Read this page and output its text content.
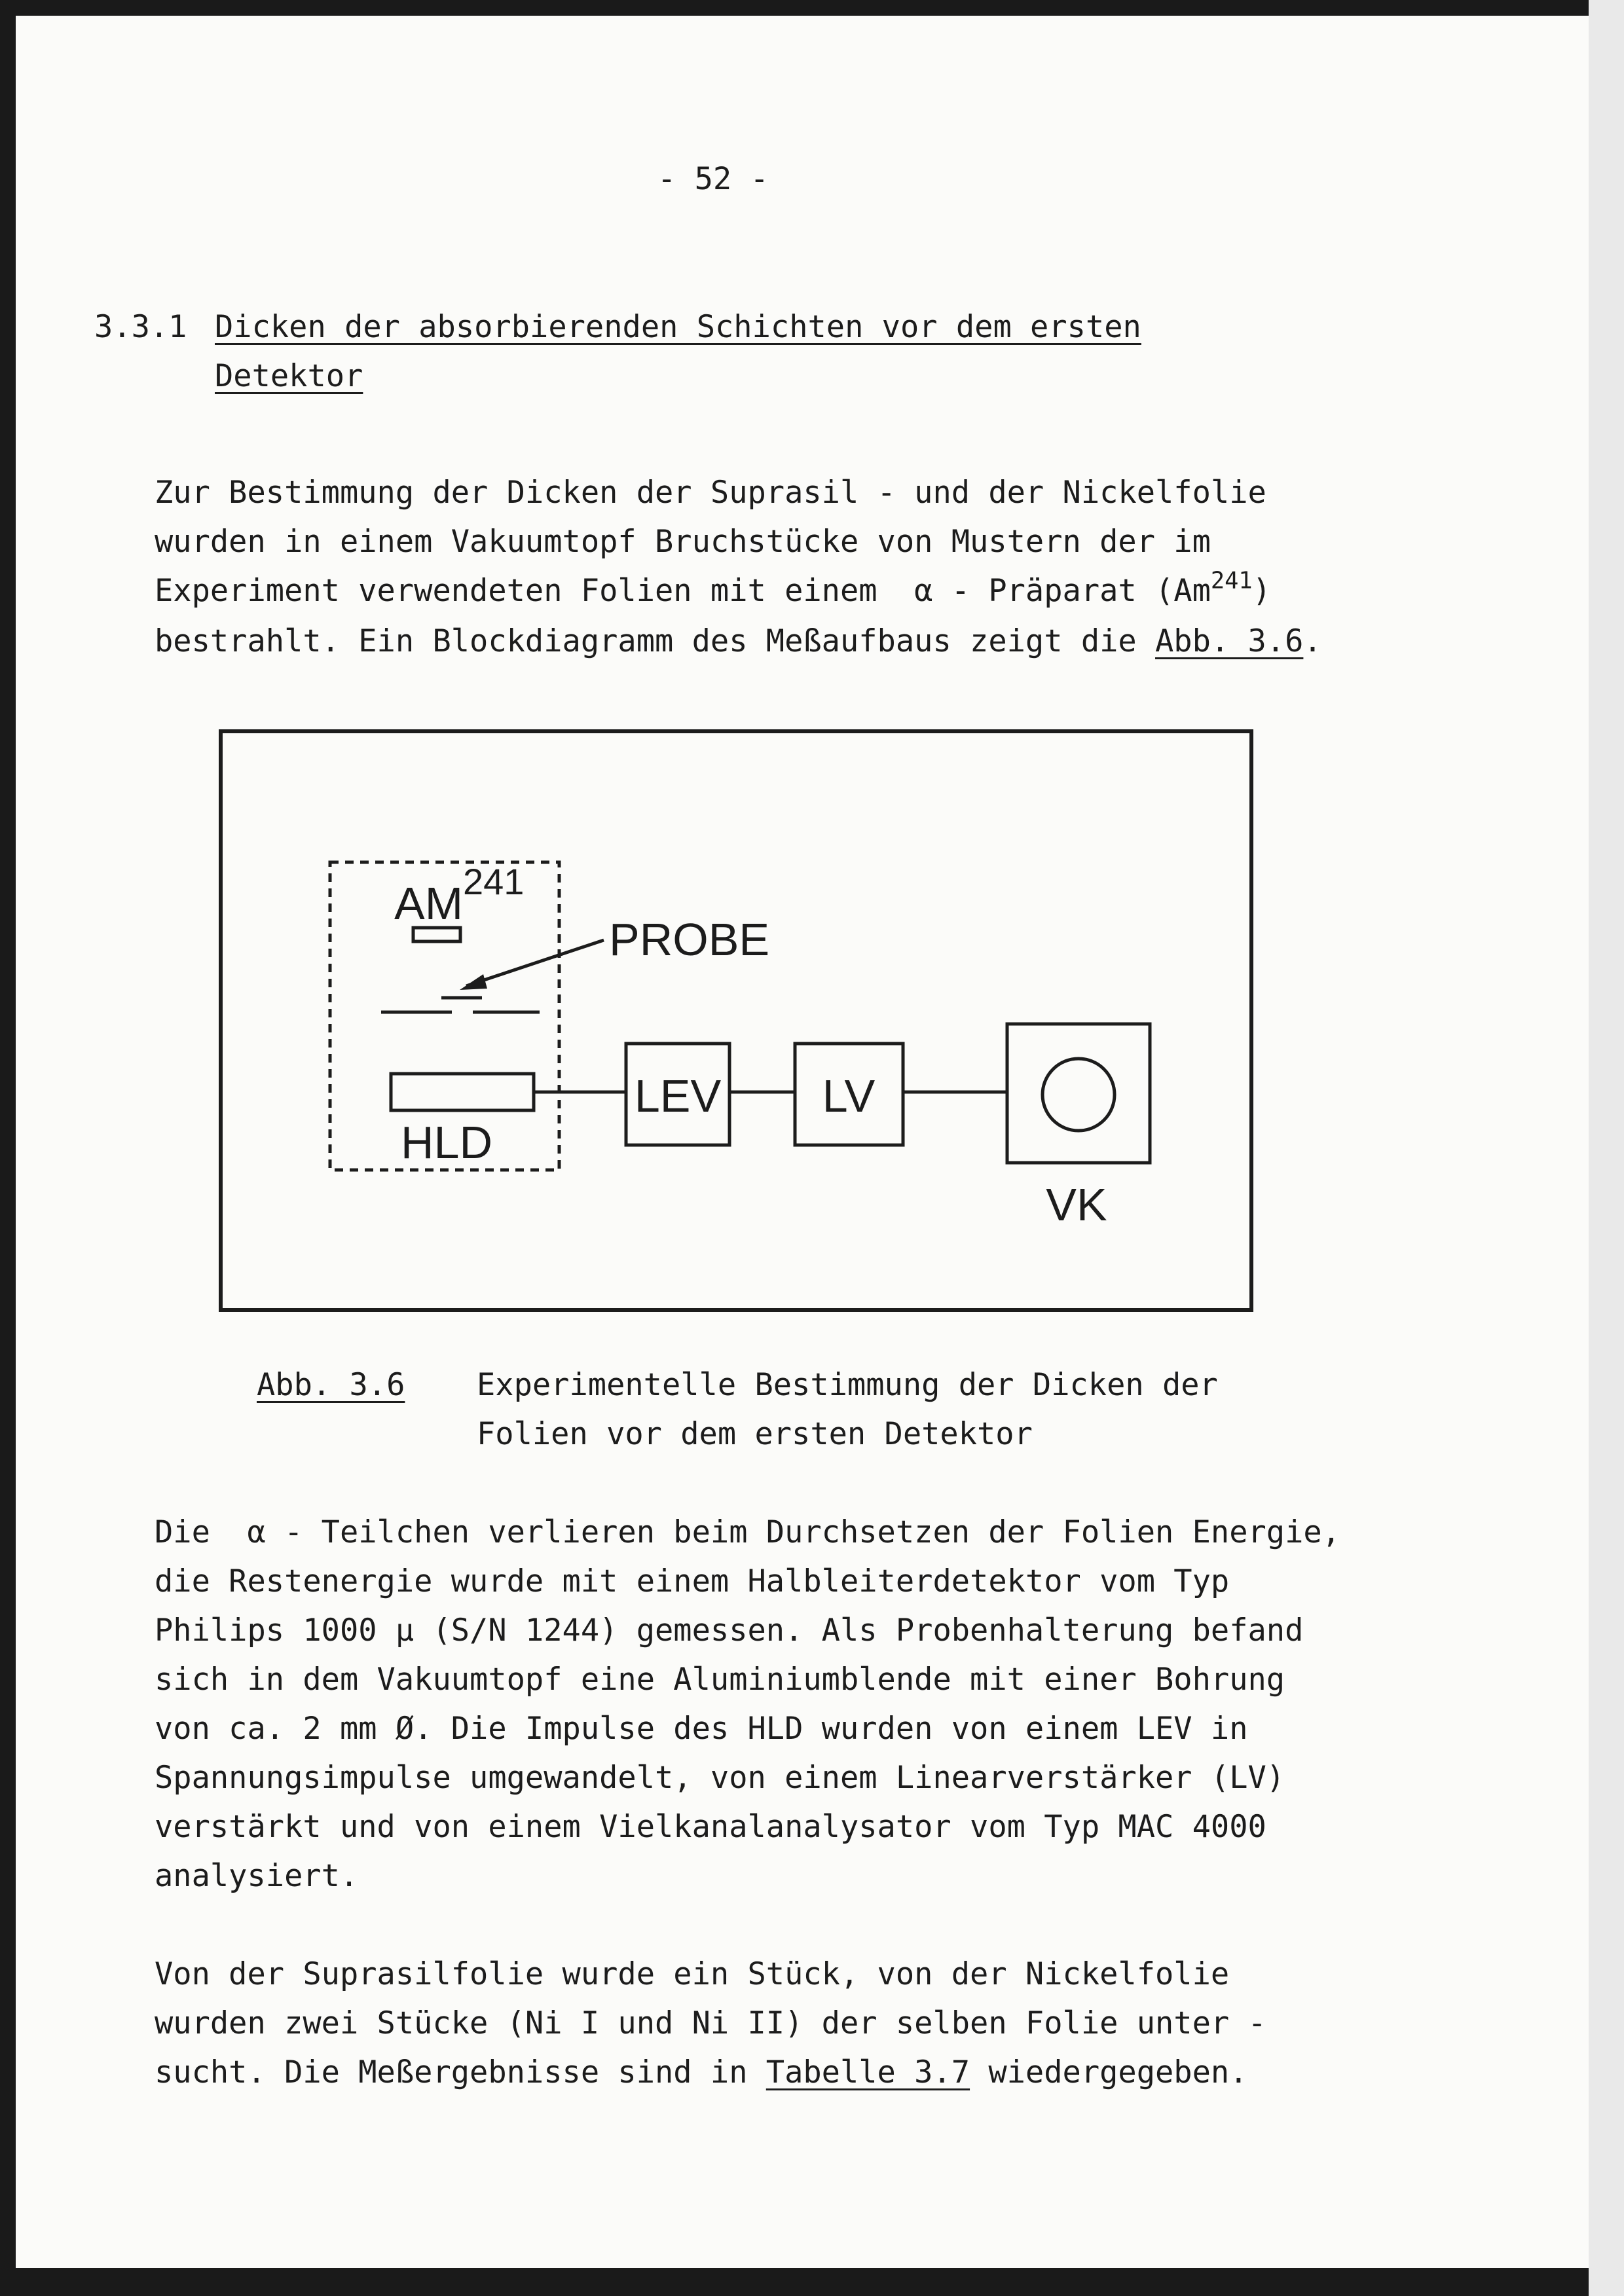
- 52 -
3.3.1 Dicken der absorbierenden Schichten vor dem ersten
Detektor
Zur Bestimmung der Dicken der Suprasil - und der Nickelfolie
wurden in einem Vakuumtopf Bruchstücke von Mustern der im
Experiment verwendeten Folien mit einem  α - Präparat (Am$^{241}$)
bestrahlt. Ein Blockdiagramm des Meßaufbaus zeigt die Abb. 3.6.
AM$^{241}$
PROBE
HLD
LEV LV
VK
Abb. 3.6 Experimentelle Bestimmung der Dicken der
Folien vor dem ersten Detektor
Die  α - Teilchen verlieren beim Durchsetzen der Folien Energie,
die Restenergie wurde mit einem Halbleiterdetektor vom Typ
Philips 1000 μ (S/N 1244) gemessen. Als Probenhalterung befand
sich in dem Vakuumtopf eine Aluminiumblende mit einer Bohrung
von ca. 2 mm Ø. Die Impulse des HLD wurden von einem LEV in
Spannungsimpulse umgewandelt, von einem Linearverstärker (LV)
verstärkt und von einem Vielkanalanalysator vom Typ MAC 4000
analysiert.
Von der Suprasilfolie wurde ein Stück, von der Nickelfolie
wurden zwei Stücke (Ni I und Ni II) der selben Folie unter -
sucht. Die Meßergebnisse sind in Tabelle 3.7 wiedergegeben.
